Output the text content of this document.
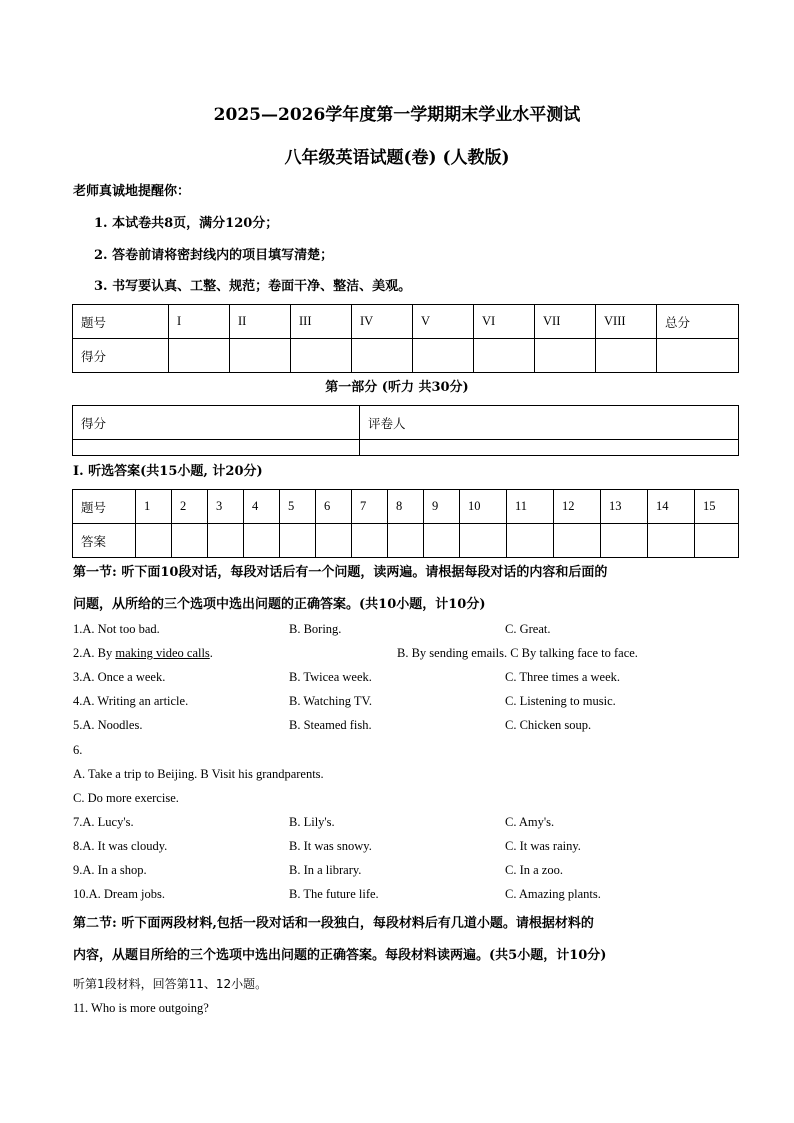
2025—2026学年度第一学期期末学业水平测试
八年级英语试题(卷) (人教版)
老师真诚地提醒你：
1. 本试卷共8页，满分120分；
2. 答卷前请将密封线内的项目填写清楚；
3. 书写要认真、工整、规范；卷面干净、整洁、美观。
题号	I	II	III	IV	V	VI	VII	VIII	总分
得分									
第一部分 (听力 共30分)
得分	评卷人

Ⅰ. 听选答案(共15小题, 计20分)
题号	1	2	3	4	5	6	7	8	9	10	11	12	13	14	15
答案															
第一节: 听下面10段对话，每段对话后有一个问题，读两遍。请根据每段对话的内容和后面的
问题，从所给的三个选项中选出问题的正确答案。(共10小题，计10分)
1.A. Not too bad.	B. Boring.	C. Great.
2.A. By making video calls.	B. By sending emails. C By talking face to face.
3.A. Once a week.	B. Twicea week.	C. Three times a week.
4.A. Writing an article.	B. Watching TV.	C. Listening to music.
5.A. Noodles.	B. Steamed fish.	C. Chicken soup.
6.
A. Take a trip to Beijing. B Visit his grandparents.
C. Do more exercise.
7.A. Lucy's.	B. Lily's.	C. Amy's.
8.A. It was cloudy.	B. It was snowy.	C. It was rainy.
9.A. In a shop.	B. In a library.	C. In a zoo.
10.A. Dream jobs.	B. The future life.	C. Amazing plants.
第二节: 听下面两段材料,包括一段对话和一段独白，每段材料后有几道小题。请根据材料的
内容，从题目所给的三个选项中选出问题的正确答案。每段材料读两遍。(共5小题，计10分)
听第1段材料，回答第11、12小题。
11. Who is more outgoing?
